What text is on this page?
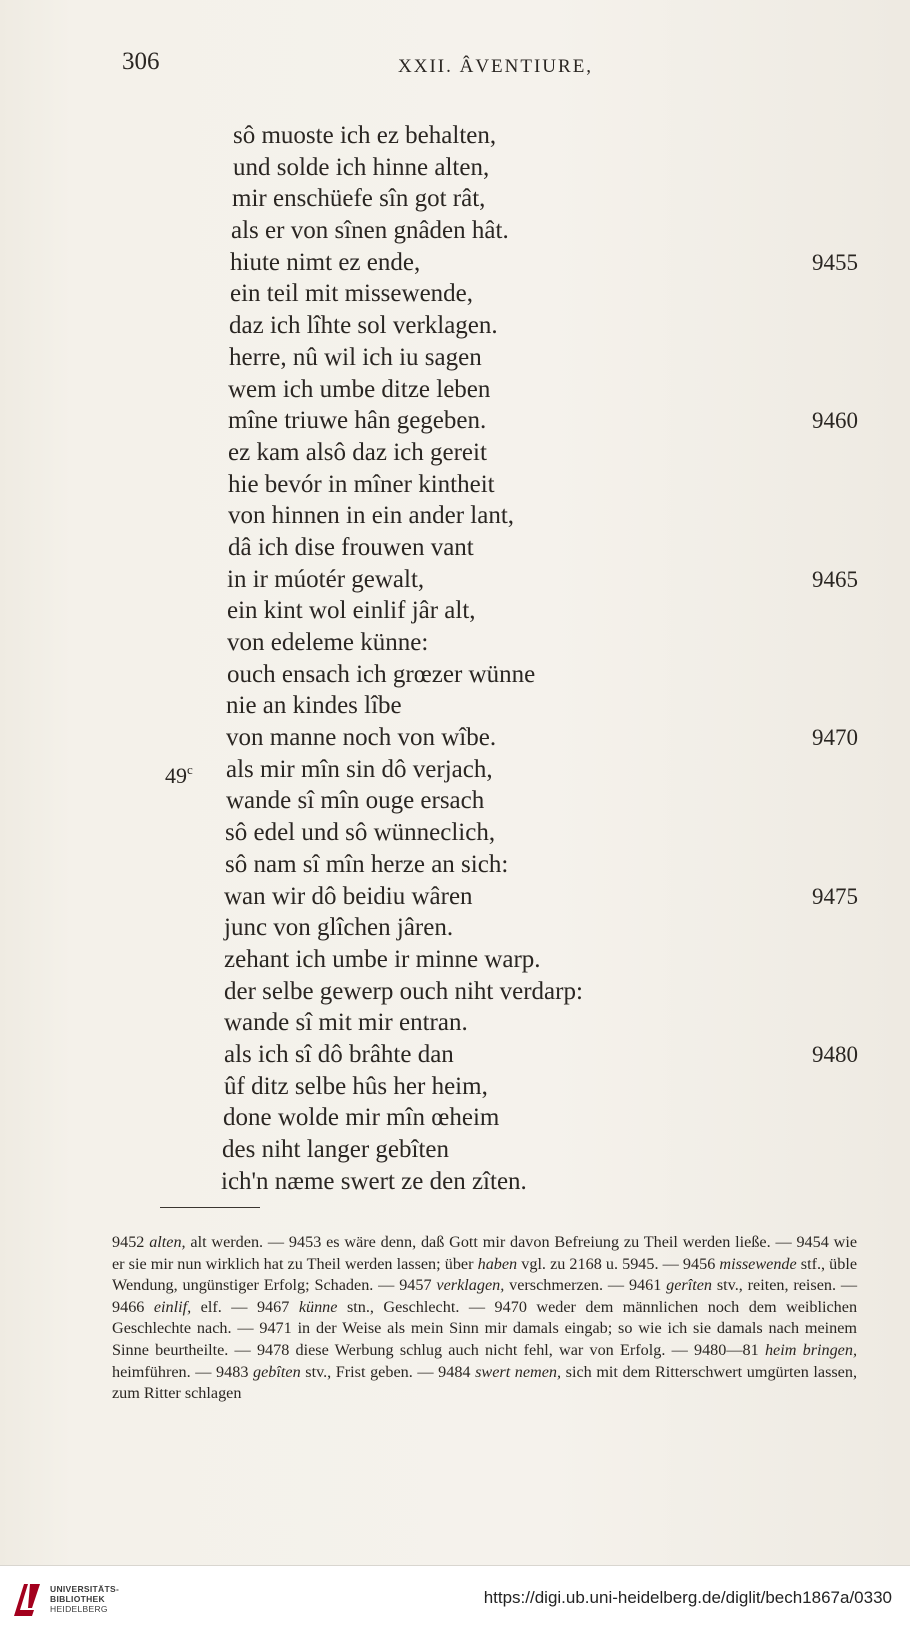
306	XXII. ÂVENTIURE,
sô muoste ich ez behalten,
und solde ich hinne alten,
mir enschüefe sîn got rât,
als er von sînen gnâden hât.
hiute nimt ez ende,	9455
ein teil mit missewende,
daz ich lîhte sol verklagen.
herre, nû wil ich iu sagen
wem ich umbe ditze leben
mîne triuwe hân gegeben.	9460
ez kam alsô daz ich gereit
hie bevór in mîner kintheit
von hinnen in ein ander lant,
dâ ich dise frouwen vant
in ir múotér gewalt,	9465
ein kint wol einlif jâr alt,
von edeleme künne:
ouch ensach ich grœzer wünne
nie an kindes lîbe
von manne noch von wîbe.	9470
49$^c$ als mir mîn sin dô verjach,
wande sî mîn ouge ersach
sô edel und sô wünneclich,
sô nam sî mîn herze an sich:
wan wir dô beidiu wâren	9475
junc von glîchen jâren.
zehant ich umbe ir minne warp.
der selbe gewerp ouch niht verdarp:
wande sî mit mir entran.
als ich sî dô brâhte dan	9480
ûf ditz selbe hûs her heim,
done wolde mir mîn œheim
des niht langer gebîten
ich'n næme swert ze den zîten.
9452 alten, alt werden. — 9453 es wäre denn, daß Gott mir davon Befreiung zu Theil werden ließe. — 9454 wie er sie mir nun wirklich hat zu Theil werden lassen; über haben vgl. zu 2168 u. 5945. — 9456 missewende stf., üble Wendung, ungünstiger Erfolg; Schaden. — 9457 verklagen, verschmerzen. — 9461 gerîten stv., reiten, reisen. — 9466 einlif, elf. — 9467 künne stn., Geschlecht. — 9470 weder dem männlichen noch dem weiblichen Geschlechte nach. — 9471 in der Weise als mein Sinn mir damals eingab; so wie ich sie damals nach meinem Sinne beurtheilte. — 9478 diese Werbung schlug auch nicht fehl, war von Erfolg. — 9480—81 heim bringen, heimführen. — 9483 gebîten stv., Frist geben. — 9484 swert nemen, sich mit dem Ritterschwert umgürten lassen, zum Ritter schlagen
UNIVERSITÄTS-
BIBLIOTHEK
HEIDELBERG
https://digi.ub.uni-heidelberg.de/diglit/bech1867a/0330
